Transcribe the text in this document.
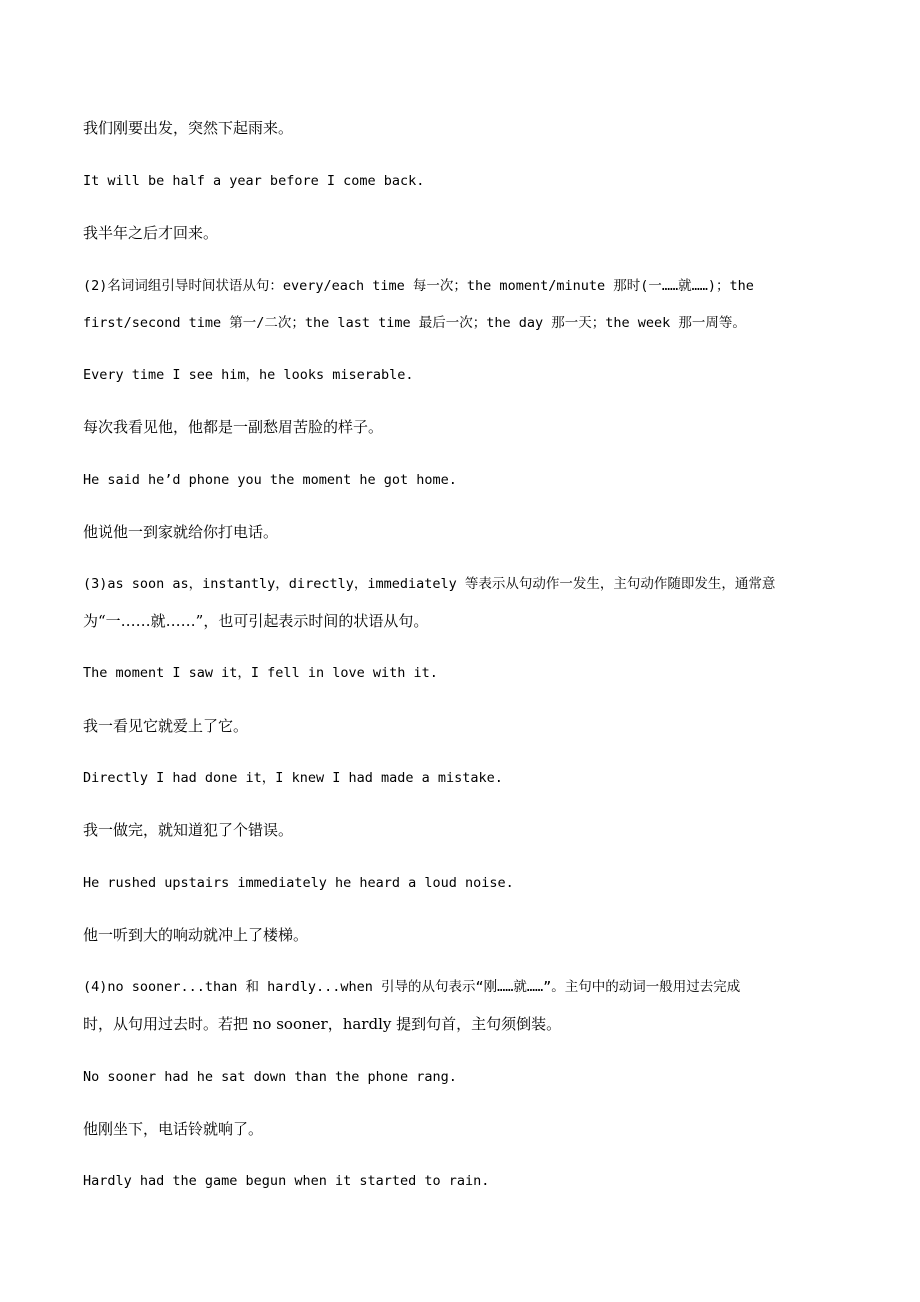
我们刚要出发，突然下起雨来。
It will be half a year before I come back.
我半年之后才回来。
(2)名词词组引导时间状语从句：every/each time 每一次；the moment/minute 那时(一……就……)；the
first/second time 第一/二次；the last time 最后一次；the day 那一天；the week 那一周等。
Every time I see him，he looks miserable.
每次我看见他，他都是一副愁眉苦脸的样子。
He said he’d phone you the moment he got home.
他说他一到家就给你打电话。
(3)as soon as，instantly，directly，immediately 等表示从句动作一发生，主句动作随即发生，通常意
为“一……就……”，也可引起表示时间的状语从句。
The moment I saw it，I fell in love with it.
我一看见它就爱上了它。
Directly I had done it，I knew I had made a mistake.
我一做完，就知道犯了个错误。
He rushed upstairs immediately he heard a loud noise.
他一听到大的响动就冲上了楼梯。
(4)no sooner...than 和 hardly...when 引导的从句表示“刚……就……”。主句中的动词一般用过去完成
时，从句用过去时。若把 no sooner，hardly 提到句首，主句须倒装。
No sooner had he sat down than the phone rang.
他刚坐下，电话铃就响了。
Hardly had the game begun when it started to rain.
